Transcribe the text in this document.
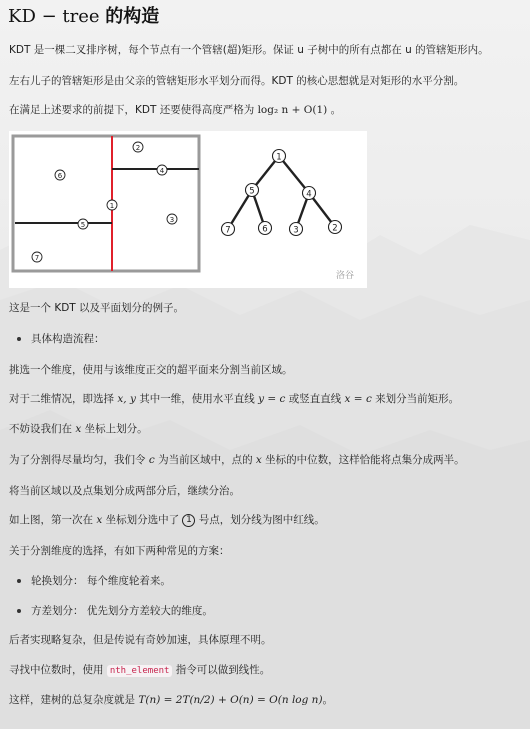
KD − tree 的构造
KDT 是一棵二叉排序树，每个节点有一个管辖(超)矩形。保证 u 子树中的所有点都在 u 的管辖矩形内。
左右儿子的管辖矩形是由父亲的管辖矩形水平划分而得。KDT 的核心思想就是对矩形的水平分割。
在满足上述要求的前提下，KDT 还要使得高度严格为 log₂ n + O(1) 。
6
2
4
1
5
3
7
1
5	4
7	6	3	2
洛谷
这是一个 KDT 以及平面划分的例子。
具体构造流程：
挑选一个维度，使用与该维度正交的超平面来分割当前区域。
对于二维情况，即选择 x, y 其中一维，使用水平直线 y = c 或竖直直线 x = c 来划分当前矩形。
不妨设我们在 x 坐标上划分。
为了分割得尽量均匀，我们令 c 为当前区域中，点的 x 坐标的中位数，这样恰能将点集分成两半。
将当前区域以及点集划分成两部分后，继续分治。
如上图，第一次在 x 坐标划分选中了 1 号点，划分线为图中红线。
关于分割维度的选择，有如下两种常见的方案：
轮换划分： 每个维度轮着来。
方差划分： 优先划分方差较大的维度。
后者实现略复杂，但是传说有奇妙加速，具体原理不明。
寻找中位数时，使用 nth_element 指令可以做到线性。
这样，建树的总复杂度就是 T(n) = 2T(n/2) + O(n) = O(n log n)。
